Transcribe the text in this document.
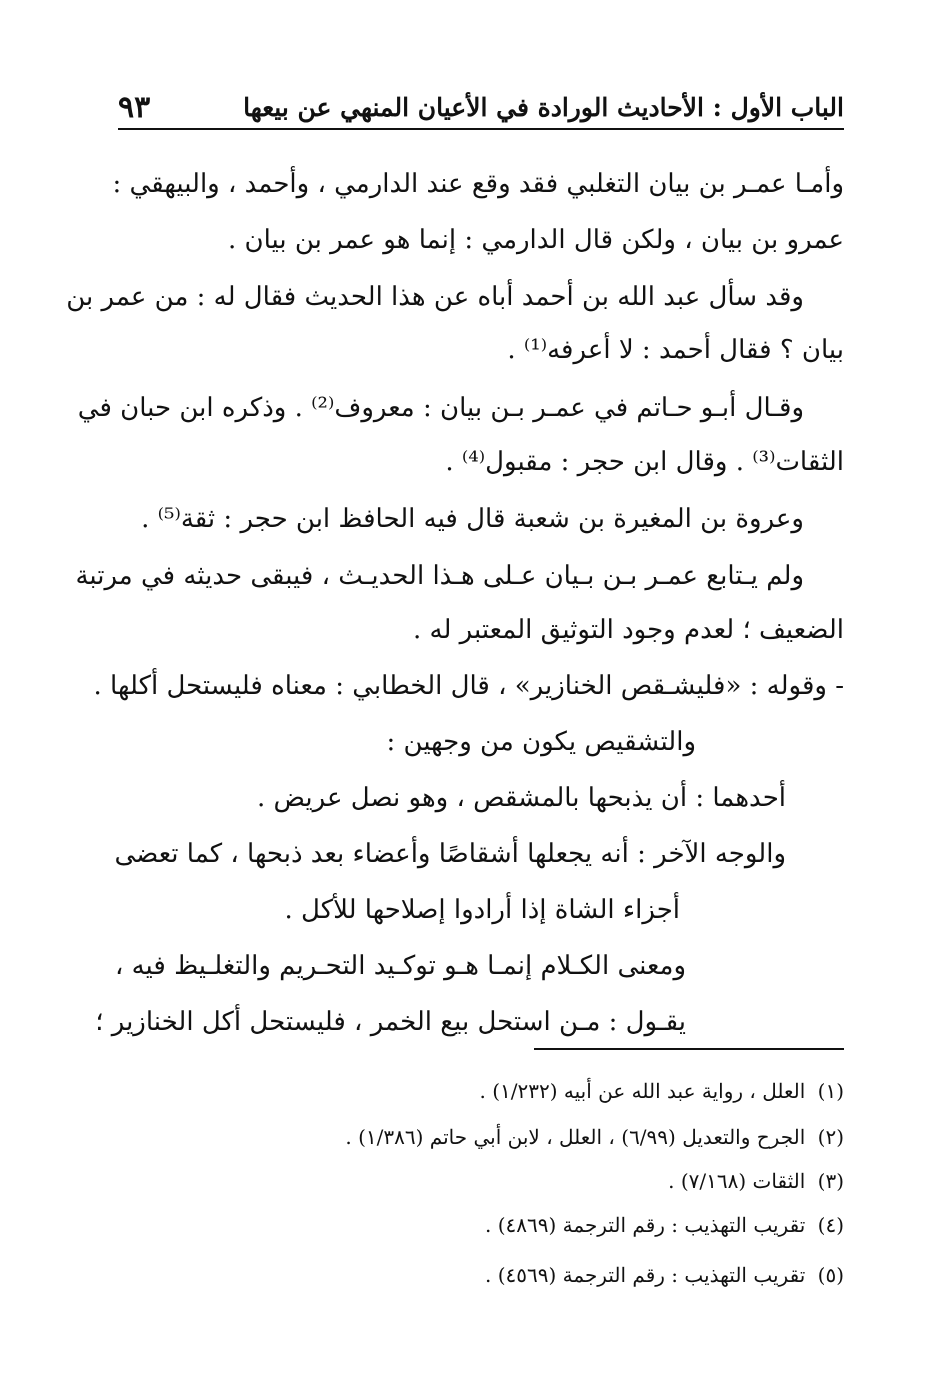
الباب الأول : الأحاديث الورادة في الأعيان المنهي عن بيعها
٩٣
وأمـا عمـر بن بيان التغلبي فقد وقع عند الدارمي ، وأحمد ، والبيهقي :
عمرو بن بيان ، ولكن قال الدارمي : إنما هو عمر بن بيان .
وقد سأل عبد الله بن أحمد أباه عن هذا الحديث فقال له : من عمر بن
بيان ؟ فقال أحمد : لا أعرفه⁽¹⁾ .
وقـال أبـو حـاتم في عمـر بـن بيان : معروف⁽²⁾ . وذكره ابن حبان في
الثقات⁽³⁾ . وقال ابن حجر : مقبول⁽⁴⁾ .
وعروة بن المغيرة بن شعبة قال فيه الحافظ ابن حجر : ثقة⁽⁵⁾ .
ولم يـتابع عمـر بـن بـيان عـلى هـذا الحديـث ، فيبقى حديثه في مرتبة
الضعيف ؛ لعدم وجود التوثيق المعتبر له .
- وقوله : «فليشـقص الخنازير» ، قال الخطابي : معناه فليستحل أكلها .
والتشقيص يكون من وجهين :
أحدهما : أن يذبحها بالمشقص ، وهو نصل عريض .
والوجه الآخر : أنه يجعلها أشقاصًا وأعضاء بعد ذبحها ، كما تعضى
أجزاء الشاة إذا أرادوا إصلاحها للأكل .
ومعنى الكـلام إنمـا هـو توكـيد التحـريم والتغلـيظ فيه ،
يقـول : مـن استحل بيع الخمر ، فليستحل أكل الخنازير ؛
(١) العلل ، رواية عبد الله عن أبيه (١/٢٣٢) .
(٢) الجرح والتعديل (٦/٩٩) ، العلل ، لابن أبي حاتم (١/٣٨٦) .
(٣) الثقات (٧/١٦٨) .
(٤) تقريب التهذيب : رقم الترجمة (٤٨٦٩) .
(٥) تقريب التهذيب : رقم الترجمة (٤٥٦٩) .
